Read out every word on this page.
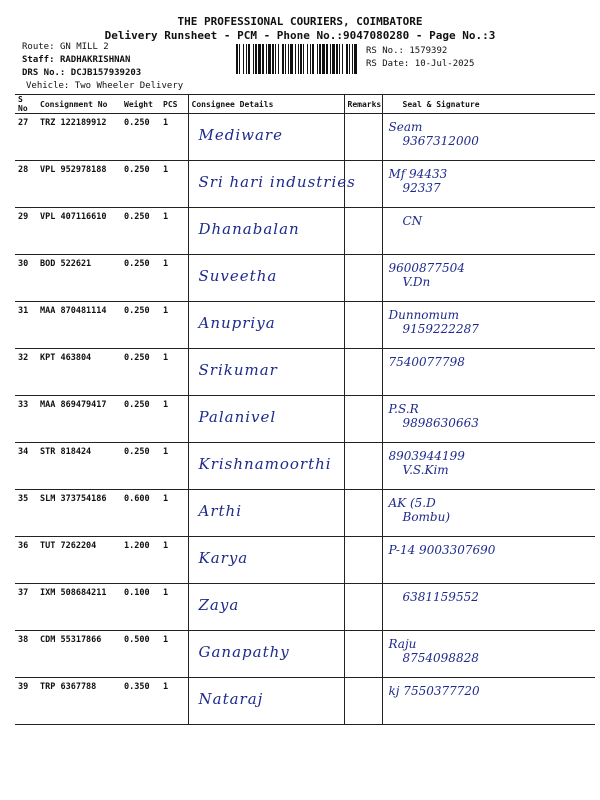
THE PROFESSIONAL COURIERS, COIMBATORE
Delivery Runsheet - PCM - Phone No.:9047080280 - Page No.:3
Route: GN MILL 2
Staff: RADHAKRISHNAN
DRS No.: DCJB157939203
Vehicle: Two Wheeler Delivery
RS No.: 1579392
RS Date: 10-Jul-2025
S No	Consignment No	Weight	PCS	Consignee Details	Remarks	Seal & Signature
27	TRZ 122189912	0.250	1	Mediware		Seam
9367312000

28	VPL 952978188	0.250	1	Sri hari industries		Mf 94433
92337

29	VPL 407116610	0.250	1	Dhanabalan		CN

30	BOD 522621	0.250	1	Suveetha		9600877504
V.Dn

31	MAA 870481114	0.250	1	Anupriya		Dunnomum
9159222287

32	KPT 463804	0.250	1	Srikumar		7540077798

33	MAA 869479417	0.250	1	Palanivel		P.S.R
9898630663

34	STR 818424	0.250	1	Krishnamoorthi		8903944199
V.S.Kim

35	SLM 373754186	0.600	1	Arthi		AK (5.D
Bombu)

36	TUT 7262204	1.200	1	Karya		P-14 9003307690

37	IXM 508684211	0.100	1	Zaya		6381159552

38	CDM 55317866	0.500	1	Ganapathy		Raju
8754098828

39	TRP 6367788	0.350	1	Nataraj		kj 7550377720
